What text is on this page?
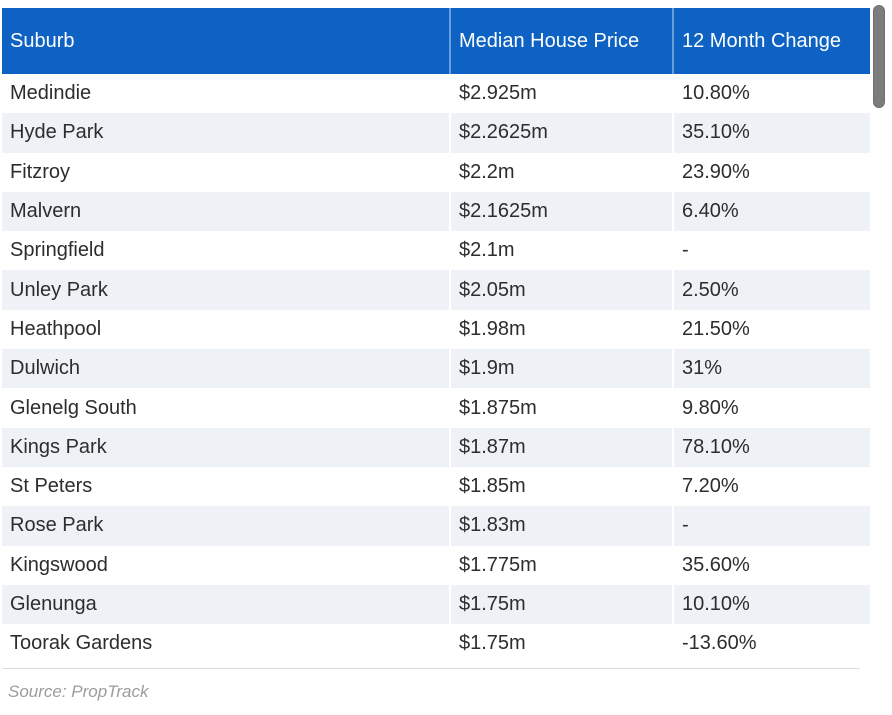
Suburb	Median House Price	12 Month Change
Medindie	$2.925m	10.80%
Hyde Park	$2.2625m	35.10%
Fitzroy	$2.2m	23.90%
Malvern	$2.1625m	6.40%
Springfield	$2.1m	-
Unley Park	$2.05m	2.50%
Heathpool	$1.98m	21.50%
Dulwich	$1.9m	31%
Glenelg South	$1.875m	9.80%
Kings Park	$1.87m	78.10%
St Peters	$1.85m	7.20%
Rose Park	$1.83m	-
Kingswood	$1.775m	35.60%
Glenunga	$1.75m	10.10%
Toorak Gardens	$1.75m	-13.60%
Source: PropTrack
